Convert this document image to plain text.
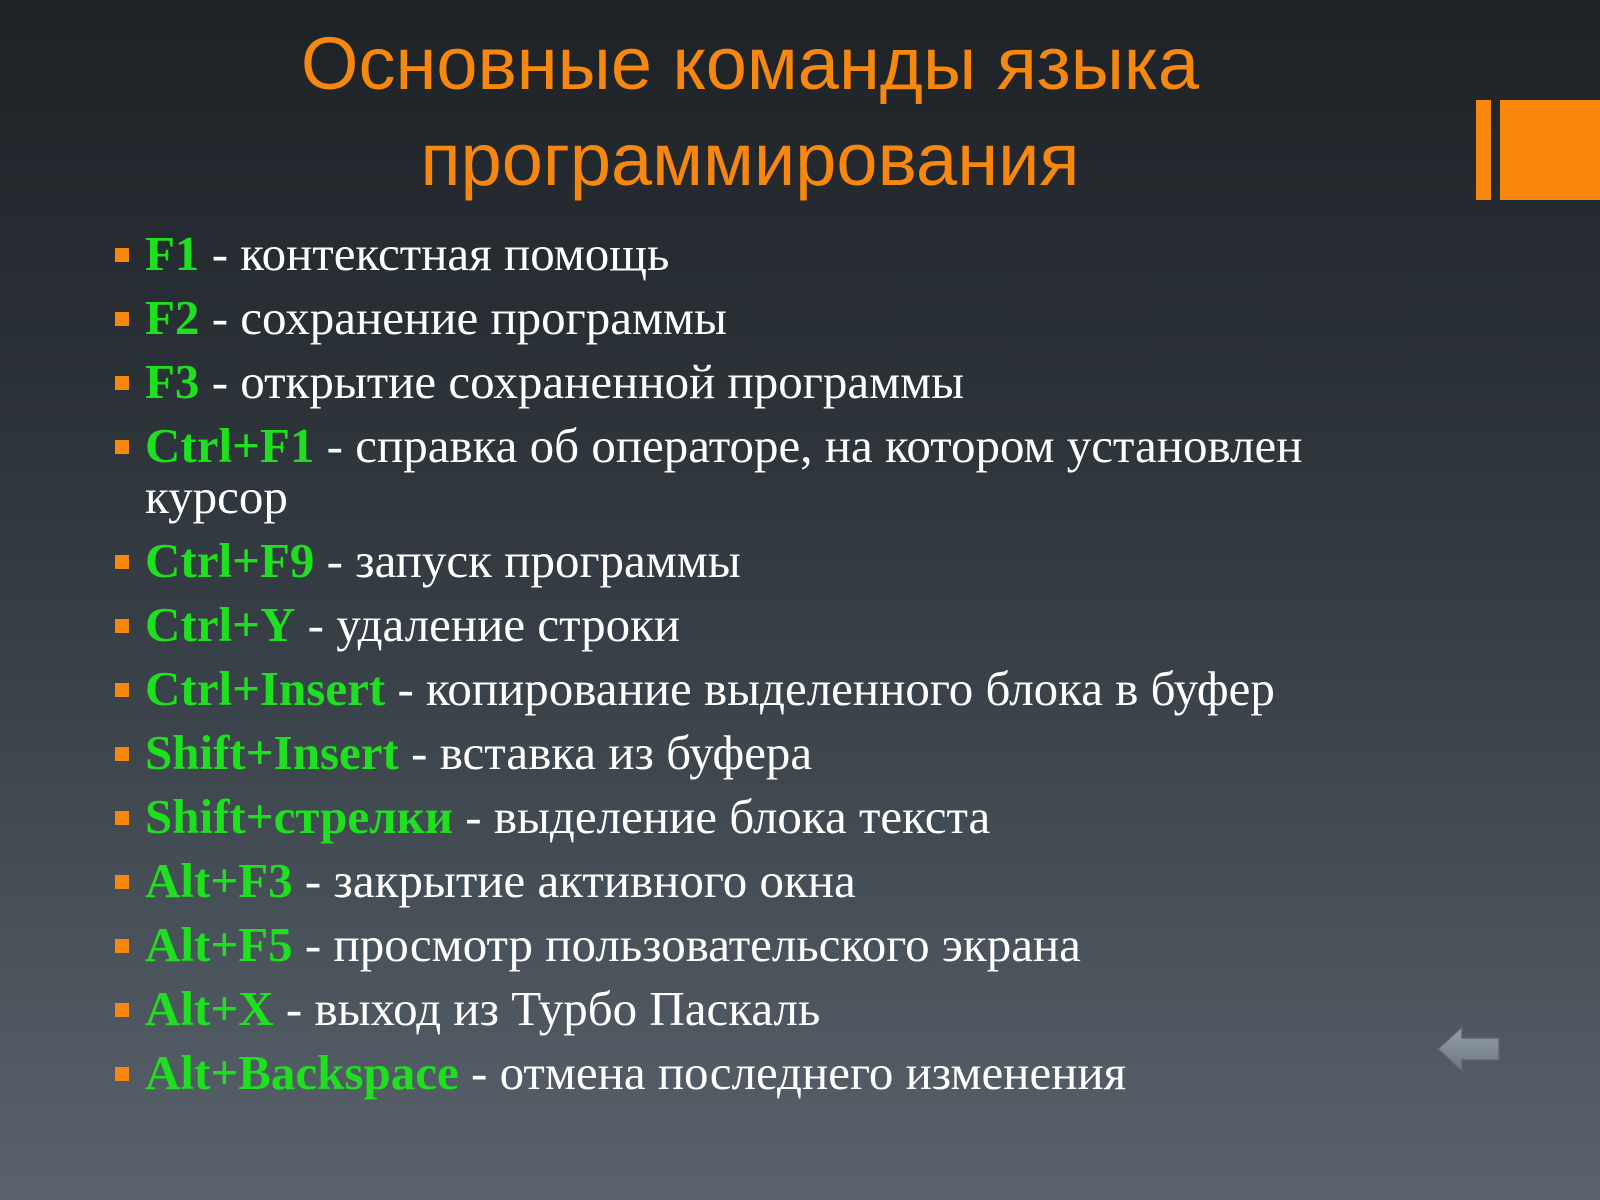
Основные команды языка
программирования
F1 - контекстная помощь
F2 - сохранение программы
F3 - открытие сохраненной программы
Ctrl+F1 - справка об операторе, на котором установлен курсор
Ctrl+F9 - запуск программы
Ctrl+Y - удаление строки
Ctrl+Insert - копирование выделенного блока в буфер
Shift+Insert - вставка из буфера
Shift+стрелки - выделение блока текста
Alt+F3 - закрытие активного окна
Alt+F5 - просмотр пользовательского экрана
Alt+X - выход из Турбо Паскаль
Alt+Backspace - отмена последнего изменения
